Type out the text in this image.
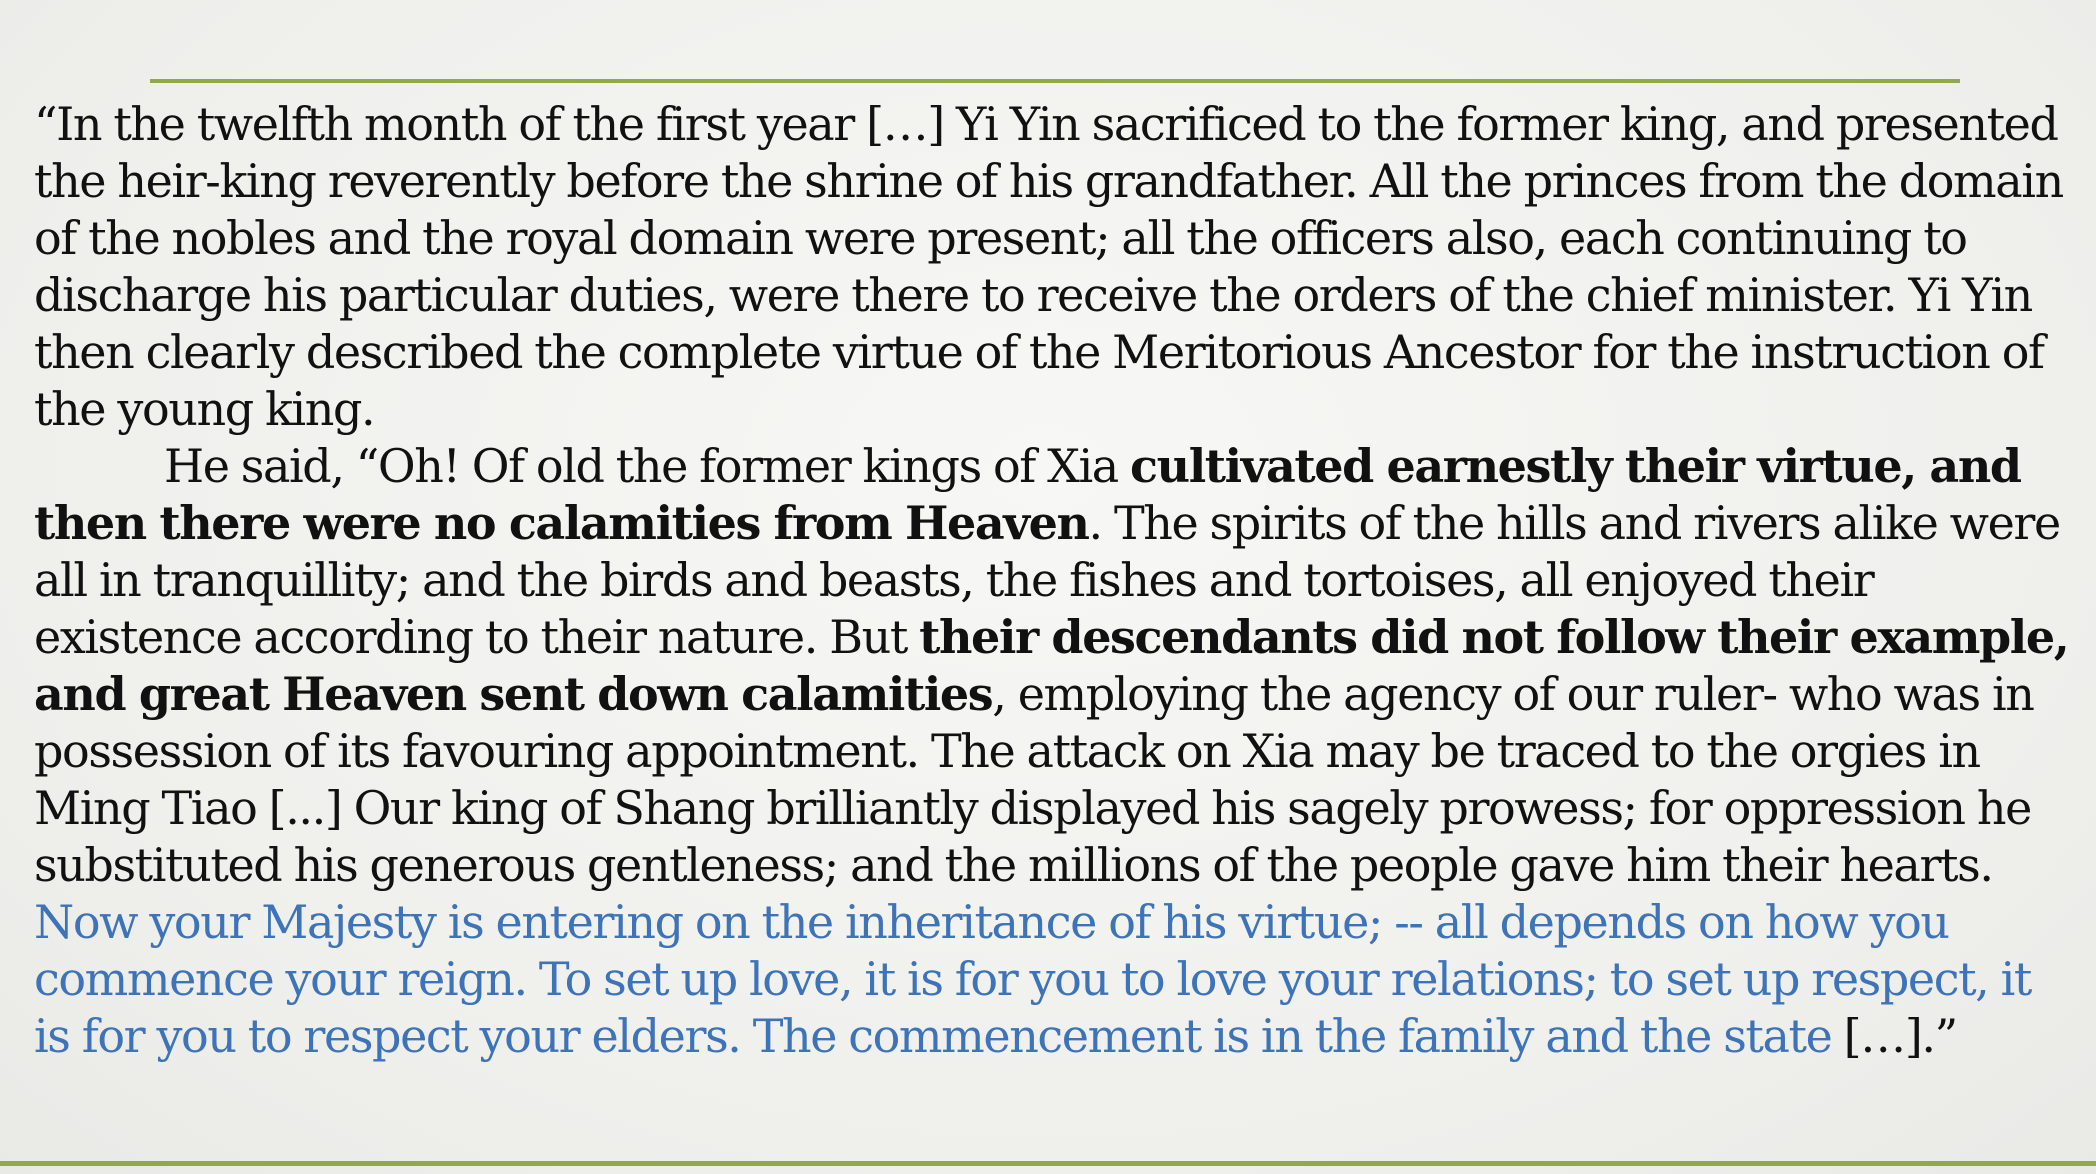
“In the twelfth month of the first year […] Yi Yin sacrificed to the former king, and presented the heir-king reverently before the shrine of his grandfather. All the princes from the domain of the nobles and the royal domain were present; all the officers also, each continuing to discharge his particular duties, were there to receive the orders of the chief minister. Yi Yin then clearly described the complete virtue of the Meritorious Ancestor for the instruction of the young king.

He said, “Oh! Of old the former kings of Xia cultivated earnestly their virtue, and then there were no calamities from Heaven. The spirits of the hills and rivers alike were all in tranquillity; and the birds and beasts, the fishes and tortoises, all enjoyed their existence according to their nature. But their descendants did not follow their example, and great Heaven sent down calamities, employing the agency of our ruler- who was in possession of its favouring appointment. The attack on Xia may be traced to the orgies in Ming Tiao [...] Our king of Shang brilliantly displayed his sagely prowess; for oppression he substituted his generous gentleness; and the millions of the people gave him their hearts. Now your Majesty is entering on the inheritance of his virtue; -- all depends on how you commence your reign. To set up love, it is for you to love your relations; to set up respect, it is for you to respect your elders. The commencement is in the family and the state […].”
